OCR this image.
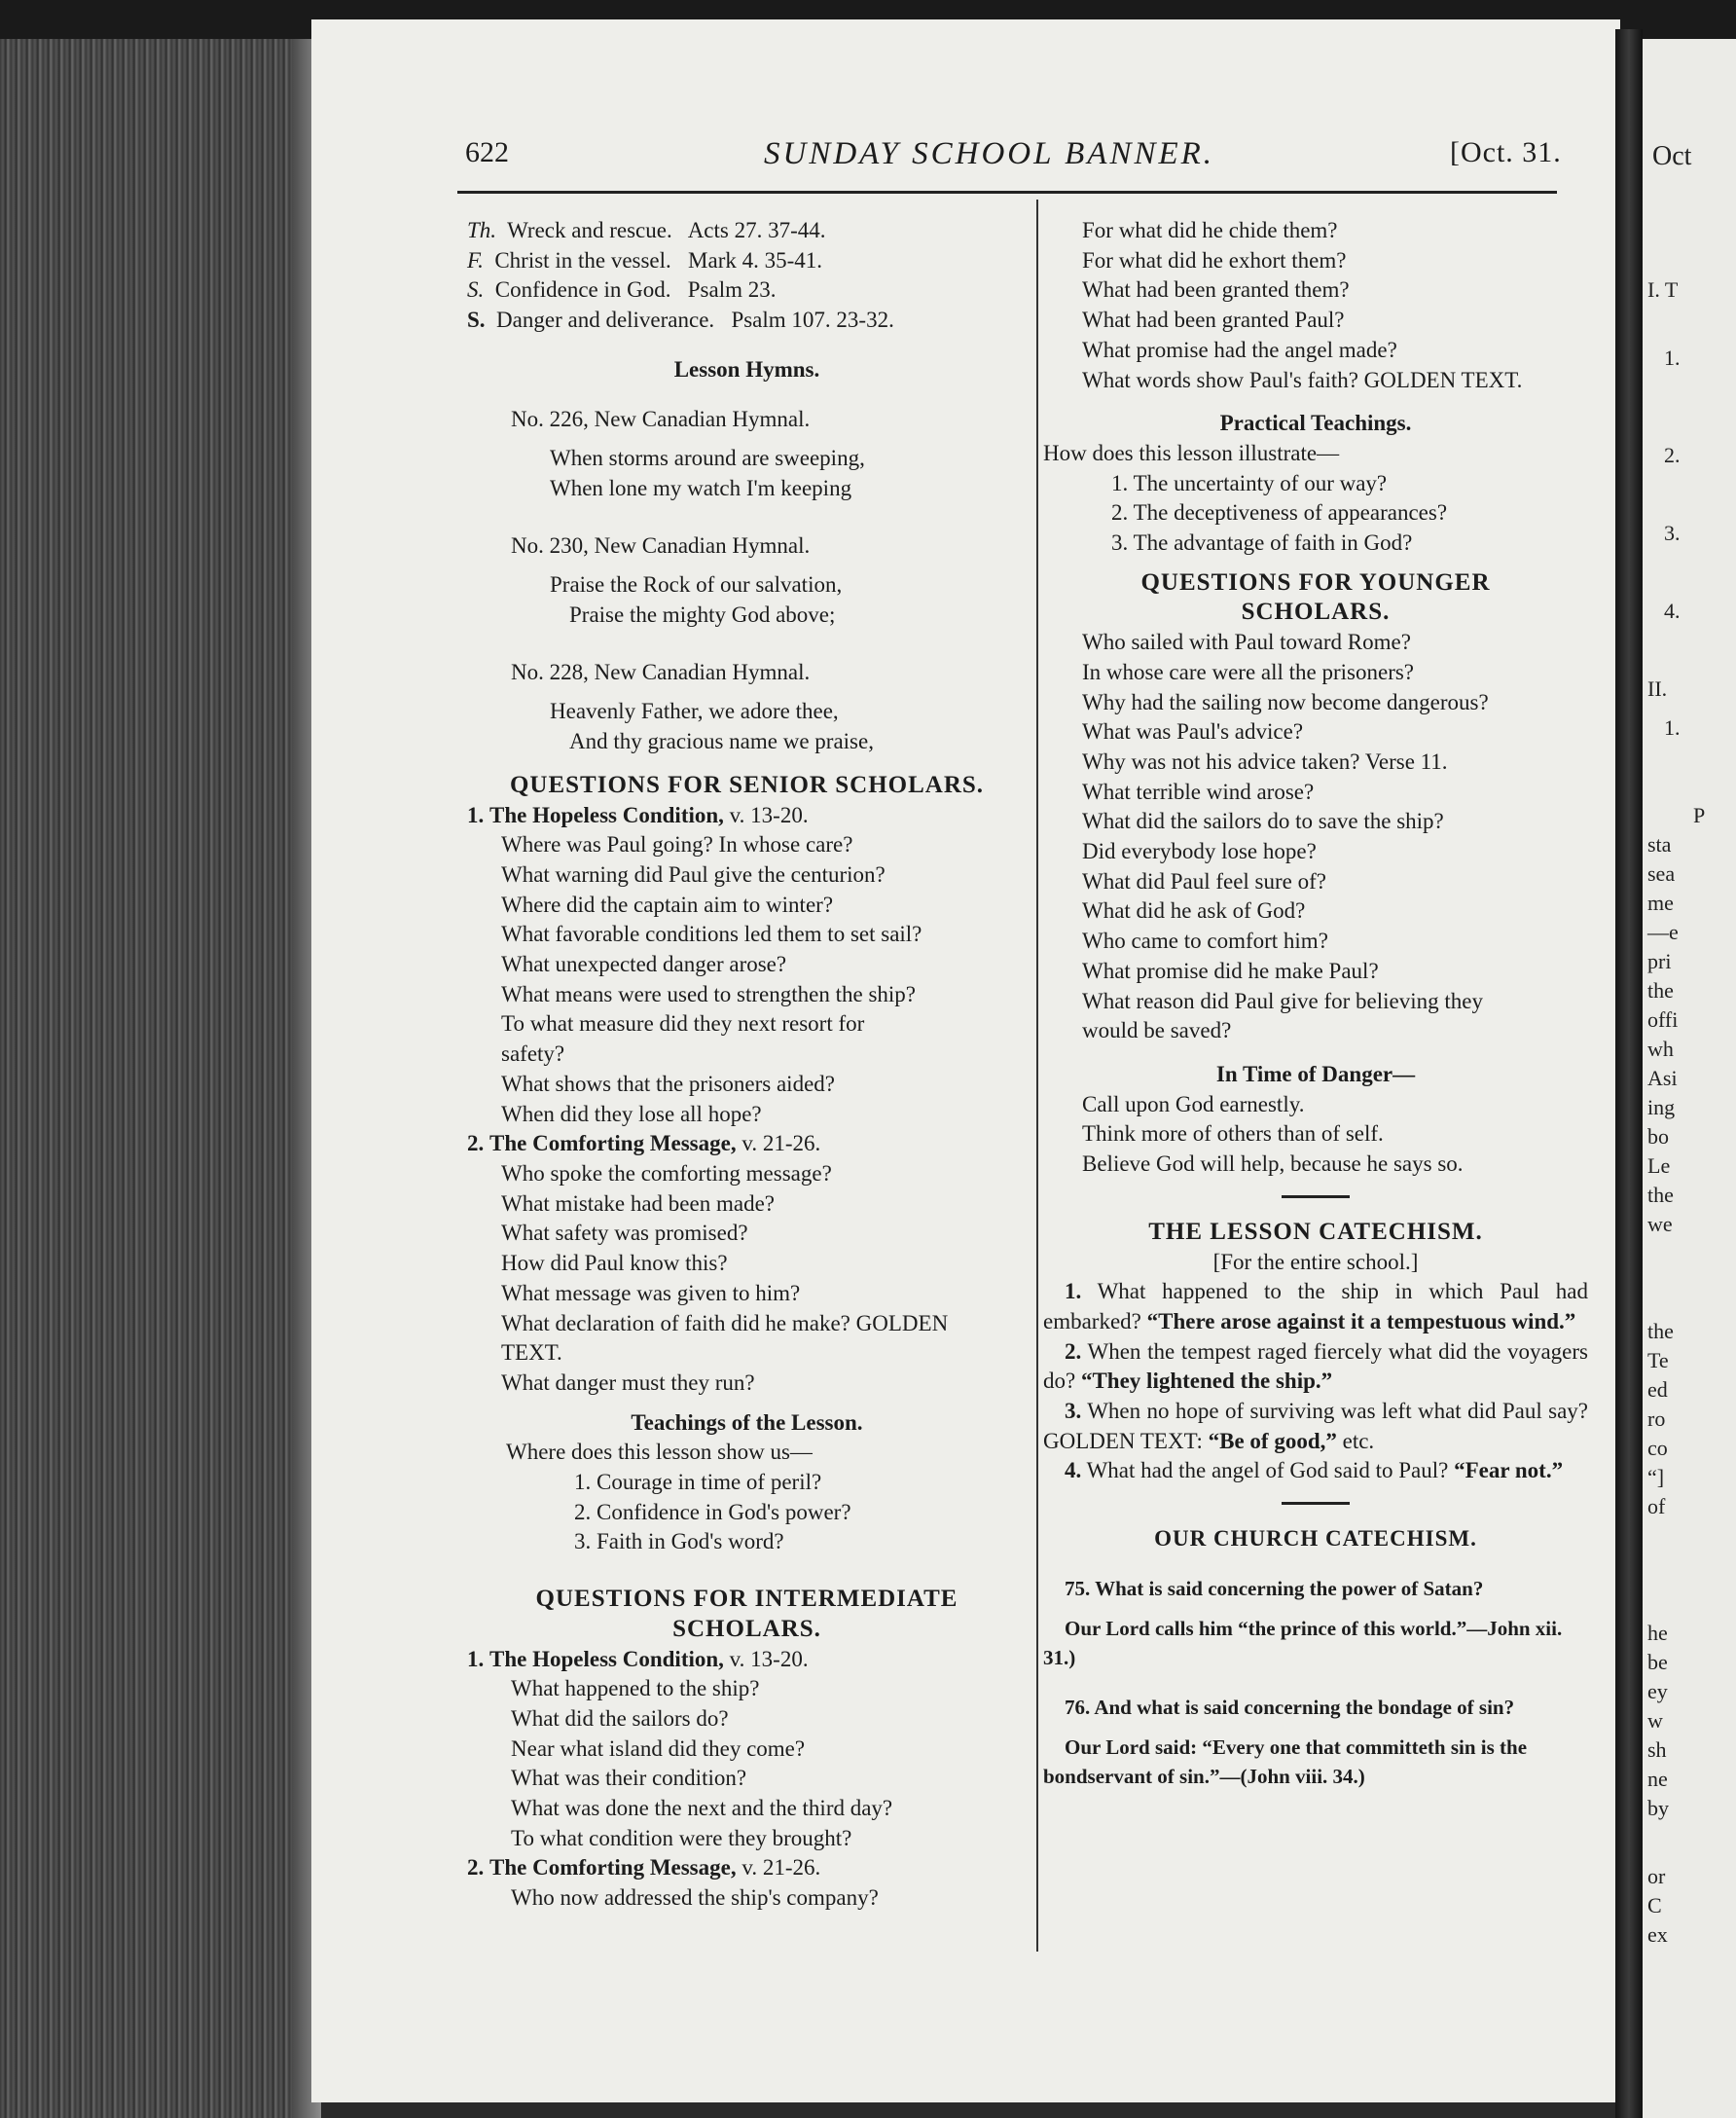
Oct
I. T
1.
2.
3.
4.
II.
1.
P
sta
sea
me
—e
pri
the
offi
wh
Asi
ing
bo
Le
the
we
the
Te
ed
ro
co
“]
of
he
be
ey
w
sh
ne
by
or
C
ex
622	SUNDAY SCHOOL BANNER.	[Oct. 31.
Th. Wreck and rescue. Acts 27. 37-44.
F. Christ in the vessel. Mark 4. 35-41.
S. Confidence in God. Psalm 23.
S. Danger and deliverance. Psalm 107. 23-32.
Lesson Hymns.
No. 226, New Canadian Hymnal.
When storms around are sweeping,
When lone my watch I'm keeping
No. 230, New Canadian Hymnal.
Praise the Rock of our salvation,
Praise the mighty God above;
No. 228, New Canadian Hymnal.
Heavenly Father, we adore thee,
And thy gracious name we praise,
QUESTIONS FOR SENIOR SCHOLARS.
1. The Hopeless Condition, v. 13-20.
Where was Paul going? In whose care?
What warning did Paul give the centurion?
Where did the captain aim to winter?
What favorable conditions led them to set sail?
What unexpected danger arose?
What means were used to strengthen the ship?
To what measure did they next resort for
safety?
What shows that the prisoners aided?
When did they lose all hope?
2. The Comforting Message, v. 21-26.
Who spoke the comforting message?
What mistake had been made?
What safety was promised?
How did Paul know this?
What message was given to him?
What declaration of faith did he make? GOLDEN
TEXT.
What danger must they run?
Teachings of the Lesson.
Where does this lesson show us—
1. Courage in time of peril?
2. Confidence in God's power?
3. Faith in God's word?
QUESTIONS FOR INTERMEDIATE
SCHOLARS.
1. The Hopeless Condition, v. 13-20.
What happened to the ship?
What did the sailors do?
Near what island did they come?
What was their condition?
What was done the next and the third day?
To what condition were they brought?
2. The Comforting Message, v. 21-26.
Who now addressed the ship's company?
For what did he chide them?
For what did he exhort them?
What had been granted them?
What had been granted Paul?
What promise had the angel made?
What words show Paul's faith? GOLDEN TEXT.
Practical Teachings.
How does this lesson illustrate—
1. The uncertainty of our way?
2. The deceptiveness of appearances?
3. The advantage of faith in God?
QUESTIONS FOR YOUNGER
SCHOLARS.
Who sailed with Paul toward Rome?
In whose care were all the prisoners?
Why had the sailing now become dangerous?
What was Paul's advice?
Why was not his advice taken? Verse 11.
What terrible wind arose?
What did the sailors do to save the ship?
Did everybody lose hope?
What did Paul feel sure of?
What did he ask of God?
Who came to comfort him?
What promise did he make Paul?
What reason did Paul give for believing they
would be saved?
In Time of Danger—
Call upon God earnestly.
Think more of others than of self.
Believe God will help, because he says so.
THE LESSON CATECHISM.
[For the entire school.]
1. What happened to the ship in which Paul had embarked? “There arose against it a tempestuous wind.”
2. When the tempest raged fiercely what did the voyagers do? “They lightened the ship.”
3. When no hope of surviving was left what did Paul say? GOLDEN TEXT: “Be of good,” etc.
4. What had the angel of God said to Paul? “Fear not.”
OUR CHURCH CATECHISM.
75. What is said concerning the power of Satan?
Our Lord calls him “the prince of this world.”—John xii. 31.)
76. And what is said concerning the bondage of sin?
Our Lord said: “Every one that committeth sin is the bondservant of sin.”—(John viii. 34.)
